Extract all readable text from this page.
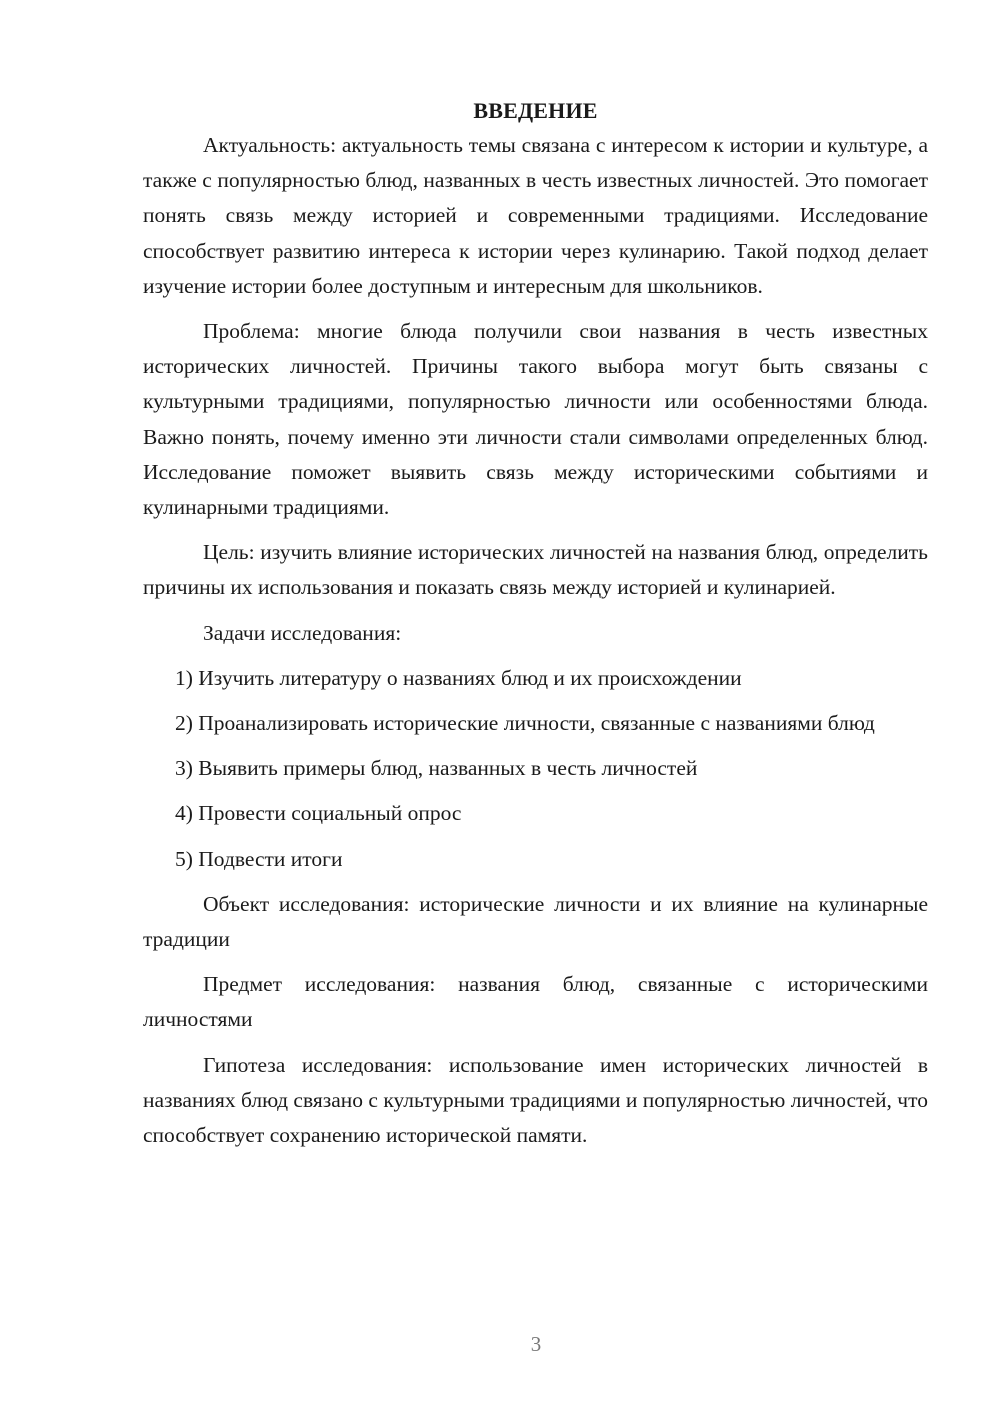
ВВЕДЕНИЕ

Актуальность: актуальность темы связана с интересом к истории и культуре, а также с популярностью блюд, названных в честь известных личностей. Это помогает понять связь между историей и современными традициями. Исследование способствует развитию интереса к истории через кулинарию. Такой подход делает изучение истории более доступным и интересным для школьников.

Проблема: многие блюда получили свои названия в честь известных исторических личностей. Причины такого выбора могут быть связаны с культурными традициями, популярностью личности или особенностями блюда. Важно понять, почему именно эти личности стали символами определенных блюд. Исследование поможет выявить связь между историческими событиями и кулинарными традициями.

Цель: изучить влияние исторических личностей на названия блюд, определить причины их использования и показать связь между историей и кулинарией.

Задачи исследования:

1) Изучить литературу о названиях блюд и их происхождении

2) Проанализировать исторические личности, связанные с названиями блюд

3) Выявить примеры блюд, названных в честь личностей

4) Провести социальный опрос

5) Подвести итоги

Объект исследования: исторические личности и их влияние на кулинарные традиции

Предмет исследования: названия блюд, связанные с историческими личностями

Гипотеза исследования: использование имен исторических личностей в названиях блюд связано с культурными традициями и популярностью личностей, что способствует сохранению исторической памяти.

3
